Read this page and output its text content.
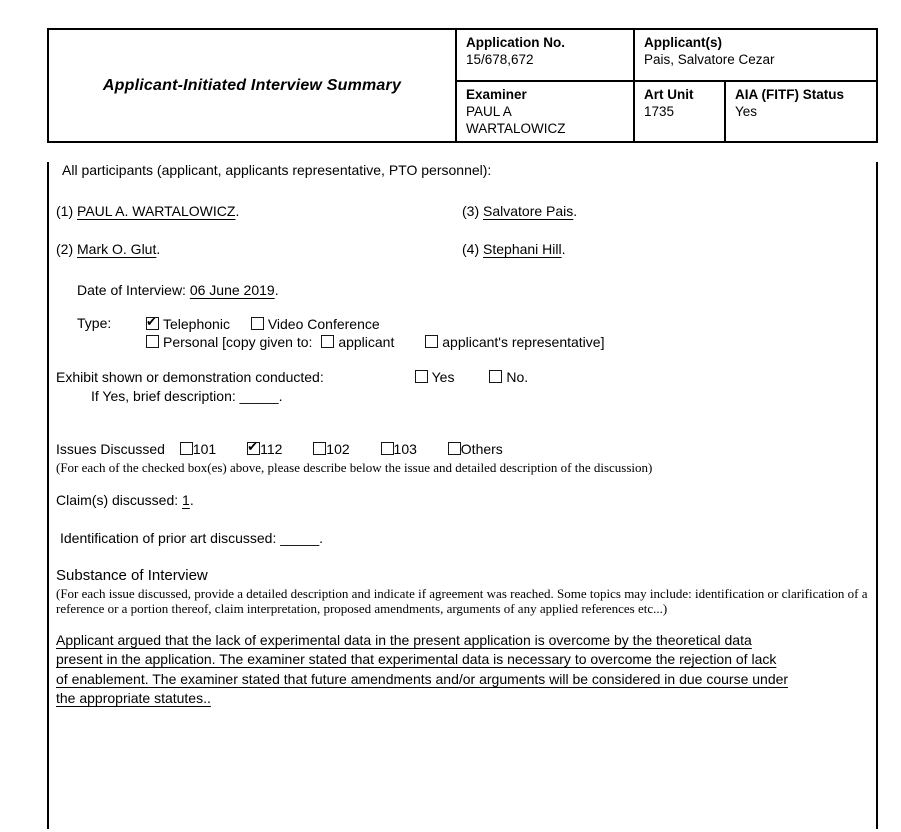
Applicant-Initiated Interview Summary
Application No.
15/678,672
Applicant(s)
Pais, Salvatore Cezar
Examiner
PAUL A WARTALOWICZ
Art Unit
1735
AIA (FITF) Status
Yes
All participants (applicant, applicants representative, PTO personnel):
(1) PAUL A. WARTALOWICZ.	(3) Salvatore Pais.
(2) Mark O. Glut.	(4) Stephani Hill.
Date of Interview: 06 June 2019.
Type: ✔	Telephonic	Video Conference
Personal [copy given to: applicant	applicant's representative]
Exhibit shown or demonstration conducted:	Yes	No.
If Yes, brief description: _____.
Issues Discussed 101 ✔	112	102	103	Others
(For each of the checked box(es) above, please describe below the issue and detailed description of the discussion)
Claim(s) discussed: 1.
Identification of prior art discussed: _____.
Substance of Interview
(For each issue discussed, provide a detailed description and indicate if agreement was reached. Some topics may include: identification or clarification of a reference or a portion thereof, claim interpretation, proposed amendments, arguments of any applied references etc...)
Applicant argued that the lack of experimental data in the present application is overcome by the theoretical data
present in the application. The examiner stated that experimental data is necessary to overcome the rejection of lack
of enablement. The examiner stated that future amendments and/or arguments will be considered in due course under
the appropriate statutes..
